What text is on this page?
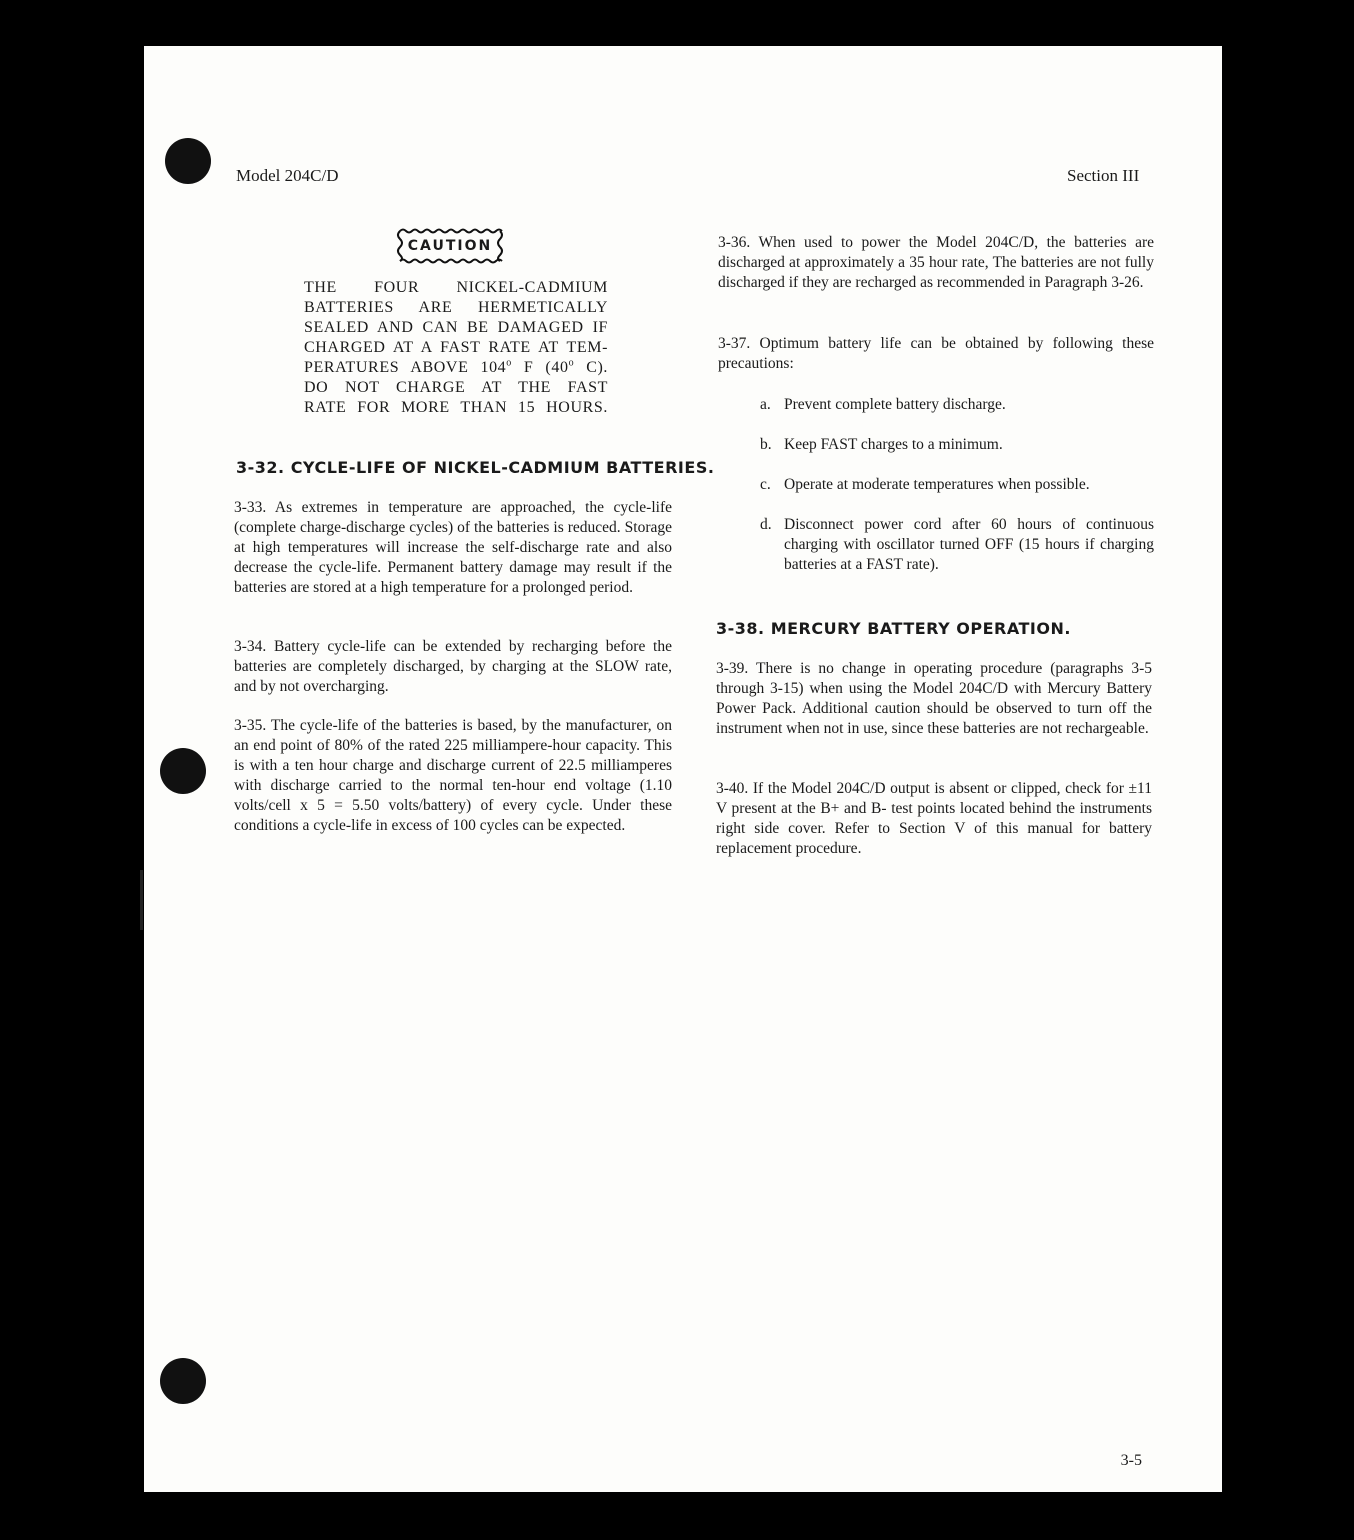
Model 204C/D	Section III
CAUTION
THE FOUR NICKEL-CADMIUM
BATTERIES ARE HERMETICALLY
SEALED AND CAN BE DAMAGED IF
CHARGED AT A FAST RATE AT TEM-
PERATURES ABOVE 104$^o$ F (40$^o$ C).
DO NOT CHARGE AT THE FAST
RATE FOR MORE THAN 15 HOURS.
3-32. CYCLE-LIFE OF NICKEL-CADMIUM BATTERIES.

3-33. As extremes in temperature are approached, the cycle-life (complete charge-discharge cycles) of the batteries is reduced. Storage at high temperatures will increase the self-discharge rate and also decrease the cycle-life. Permanent battery damage may result if the batteries are stored at a high temperature for a prolonged period.

3-34. Battery cycle-life can be extended by recharging before the batteries are completely discharged, by charging at the SLOW rate, and by not overcharging.

3-35. The cycle-life of the batteries is based, by the manufacturer, on an end point of 80% of the rated 225 milliampere-hour capacity. This is with a ten hour charge and discharge current of 22.5 milliamperes with discharge carried to the normal ten-hour end voltage (1.10 volts/cell x 5 = 5.50 volts/battery) of every cycle. Under these conditions a cycle-life in excess of 100 cycles can be expected.

3-36. When used to power the Model 204C/D, the batteries are discharged at approximately a 35 hour rate, The batteries are not fully discharged if they are recharged as recommended in Paragraph 3-26.

3-37. Optimum battery life can be obtained by following these precautions:

a. Prevent complete battery discharge.
b. Keep FAST charges to a minimum.
c. Operate at moderate temperatures when possible.
d. Disconnect power cord after 60 hours of continuous charging with oscillator turned OFF (15 hours if charging batteries at a FAST rate).
3-38. MERCURY BATTERY OPERATION.

3-39. There is no change in operating procedure (paragraphs 3-5 through 3-15) when using the Model 204C/D with Mercury Battery Power Pack. Additional caution should be observed to turn off the instrument when not in use, since these batteries are not rechargeable.

3-40. If the Model 204C/D output is absent or clipped, check for ±11 V present at the B+ and B- test points located behind the instruments right side cover. Refer to Section V of this manual for battery replacement procedure.

3-5
